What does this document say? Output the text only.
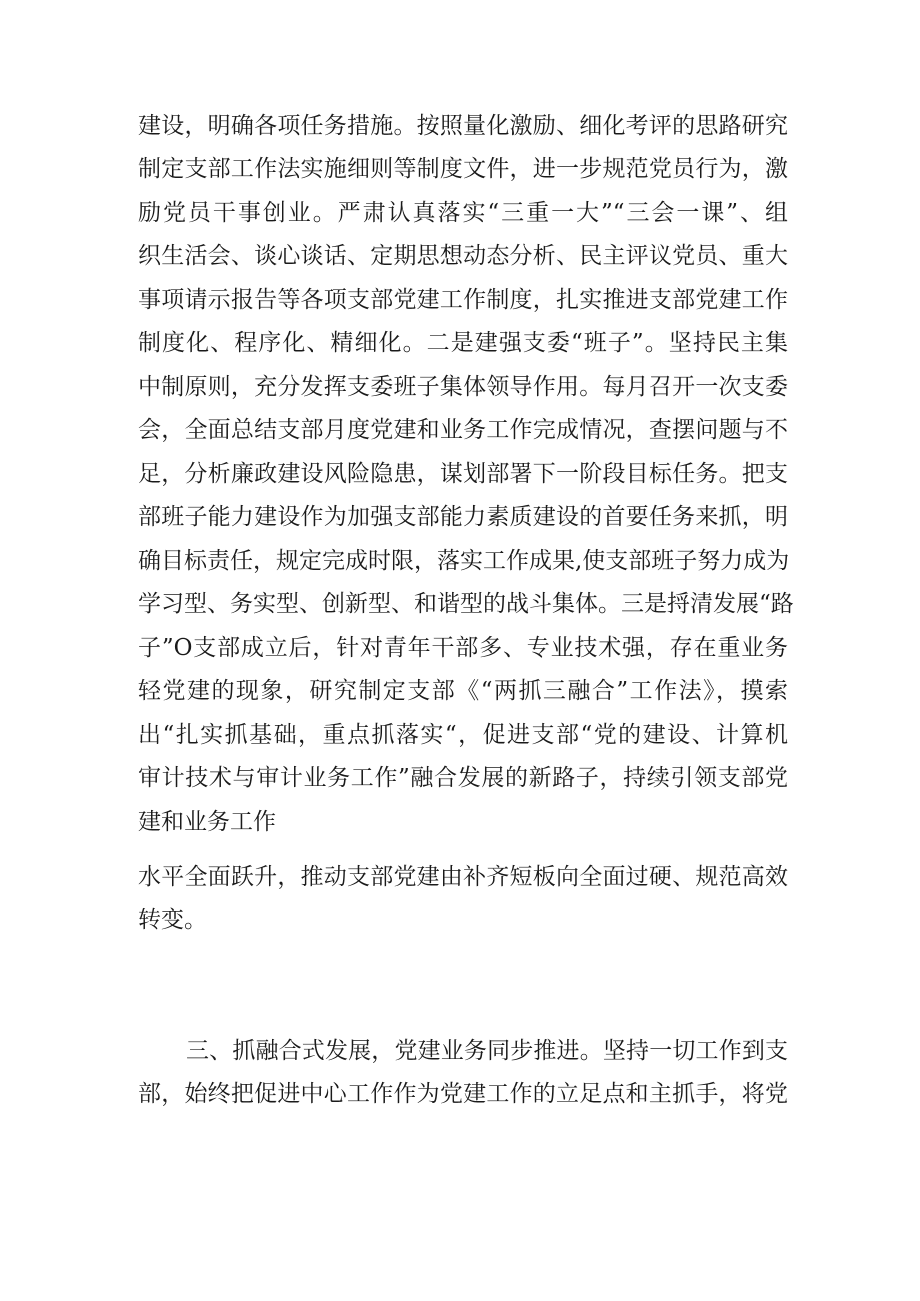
建设，明确各项任务措施。按照量化激励、细化考评的思路研究
制定支部工作法实施细则等制度文件，进一步规范党员行为，激
励党员干事创业。严肃认真落实“三重一大”“三会一课”、组
织生活会、谈心谈话、定期思想动态分析、民主评议党员、重大
事项请示报告等各项支部党建工作制度，扎实推进支部党建工作
制度化、程序化、精细化。二是建强支委“班子”。坚持民主集
中制原则，充分发挥支委班子集体领导作用。每月召开一次支委
会，全面总结支部月度党建和业务工作完成情况，查摆问题与不
足，分析廉政建设风险隐患，谋划部署下一阶段目标任务。把支
部班子能力建设作为加强支部能力素质建设的首要任务来抓，明
确目标责任，规定完成时限，落实工作成果,使支部班子努力成为
学习型、务实型、创新型、和谐型的战斗集体。三是捋清发展“路
子”O支部成立后，针对青年干部多、专业技术强，存在重业务
轻党建的现象，研究制定支部《“两抓三融合”工作法》，摸索
出“扎实抓基础，重点抓落实“，促进支部“党的建设、计算机
审计技术与审计业务工作”融合发展的新路子，持续引领支部党
建和业务工作
水平全面跃升，推动支部党建由补齐短板向全面过硬、规范高效
转变。
三、抓融合式发展，党建业务同步推进。坚持一切工作到支
部，始终把促进中心工作作为党建工作的立足点和主抓手，将党
